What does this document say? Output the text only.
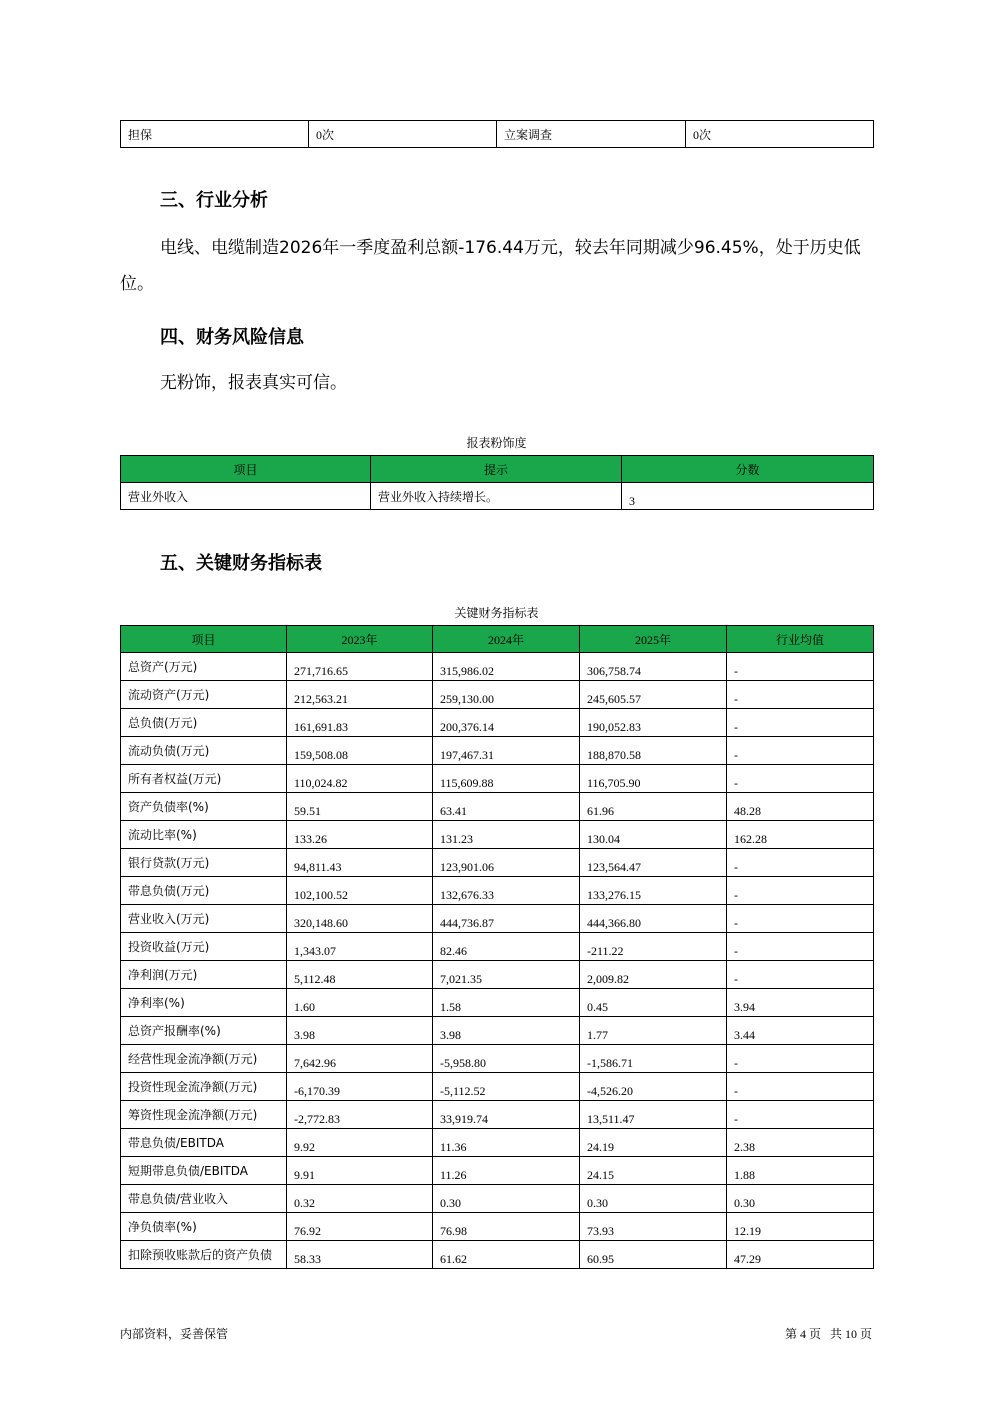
担保	0次	立案调查	0次
三、行业分析
电线、电缆制造2026年一季度盈利总额-176.44万元，较去年同期减少96.45%，处于历史低
位。
四、财务风险信息
无粉饰，报表真实可信。
报表粉饰度
项目	提示	分数
营业外收入	营业外收入持续增长。	3
五、关键财务指标表
关键财务指标表
项目	2023年	2024年	2025年	行业均值
总资产(万元)	271,716.65	315,986.02	306,758.74	-
流动资产(万元)	212,563.21	259,130.00	245,605.57	-
总负债(万元)	161,691.83	200,376.14	190,052.83	-
流动负债(万元)	159,508.08	197,467.31	188,870.58	-
所有者权益(万元)	110,024.82	115,609.88	116,705.90	-
资产负债率(%)	59.51	63.41	61.96	48.28
流动比率(%)	133.26	131.23	130.04	162.28
银行贷款(万元)	94,811.43	123,901.06	123,564.47	-
带息负债(万元)	102,100.52	132,676.33	133,276.15	-
营业收入(万元)	320,148.60	444,736.87	444,366.80	-
投资收益(万元)	1,343.07	82.46	-211.22	-
净利润(万元)	5,112.48	7,021.35	2,009.82	-
净利率(%)	1.60	1.58	0.45	3.94
总资产报酬率(%)	3.98	3.98	1.77	3.44
经营性现金流净额(万元)	7,642.96	-5,958.80	-1,586.71	-
投资性现金流净额(万元)	-6,170.39	-5,112.52	-4,526.20	-
筹资性现金流净额(万元)	-2,772.83	33,919.74	13,511.47	-
带息负债/EBITDA	9.92	11.36	24.19	2.38
短期带息负债/EBITDA	9.91	11.26	24.15	1.88
带息负债/营业收入	0.32	0.30	0.30	0.30
净负债率(%)	76.92	76.98	73.93	12.19
扣除预收账款后的资产负债	58.33	61.62	60.95	47.29
内部资料，妥善保管	第 4 页   共 10 页
